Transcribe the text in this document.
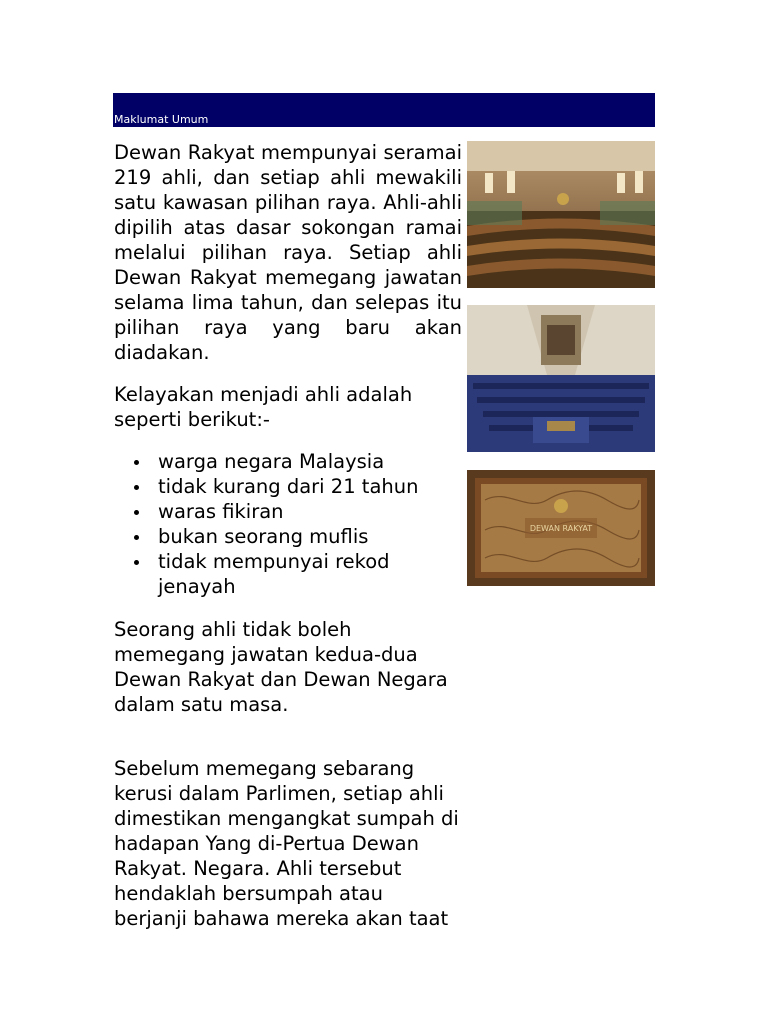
Maklumat Umum

Dewan Rakyat mempunyai seramai 219 ahli, dan setiap ahli mewakili satu kawasan pilihan raya. Ahli-ahli dipilih atas dasar sokongan ramai melalui pilihan raya. Setiap ahli Dewan Rakyat memegang jawatan selama lima tahun, dan selepas itu pilihan raya yang baru akan diadakan.

Kelayakan menjadi ahli adalah seperti berikut:-

warga negara Malaysia
tidak kurang dari 21 tahun
waras fikiran
bukan seorang muflis
tidak mempunyai rekod jenayah

Seorang ahli tidak boleh memegang jawatan kedua-dua Dewan Rakyat dan Dewan Negara dalam satu masa.

Sebelum memegang sebarang kerusi dalam Parlimen, setiap ahli dimestikan mengangkat sumpah di hadapan Yang di-Pertua Dewan Rakyat. Negara. Ahli tersebut hendaklah bersumpah atau berjanji bahawa mereka akan taat

DEWAN RAKYAT
